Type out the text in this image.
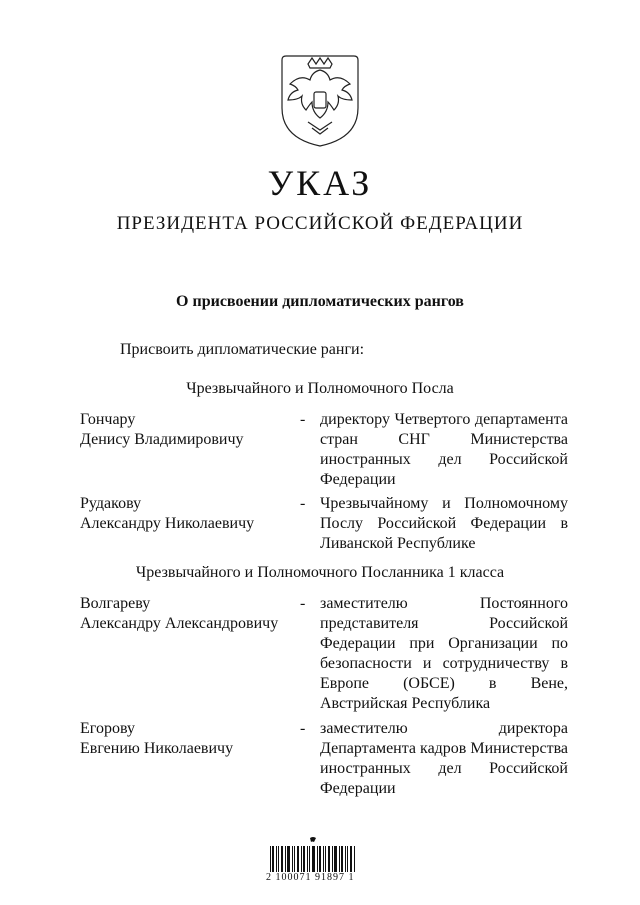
УКАЗ
ПРЕЗИДЕНТА РОССИЙСКОЙ ФЕДЕРАЦИИ
О присвоении дипломатических рангов
Присвоить дипломатические ранги:
Чрезвычайного и Полномочного Посла
Гончару
Денису Владимировичу
- директору Четвертого департамента стран СНГ Министерства иностранных дел Российской Федерации
Рудакову
Александру Николаевичу
- Чрезвычайному и Полномочному Послу Российской Федерации в Ливанской Республике
Чрезвычайного и Полномочного Посланника 1 класса
Волгареву
Александру Александровичу
- заместителю Постоянного представителя Российской Федерации при Организации по безопасности и сотрудничеству в Европе (ОБСЕ) в Вене, Австрийская Республика
Егорову
Евгению Николаевичу
- заместителю директора Департамента кадров Министерства иностранных дел Российской Федерации
2 100071 91897 1
